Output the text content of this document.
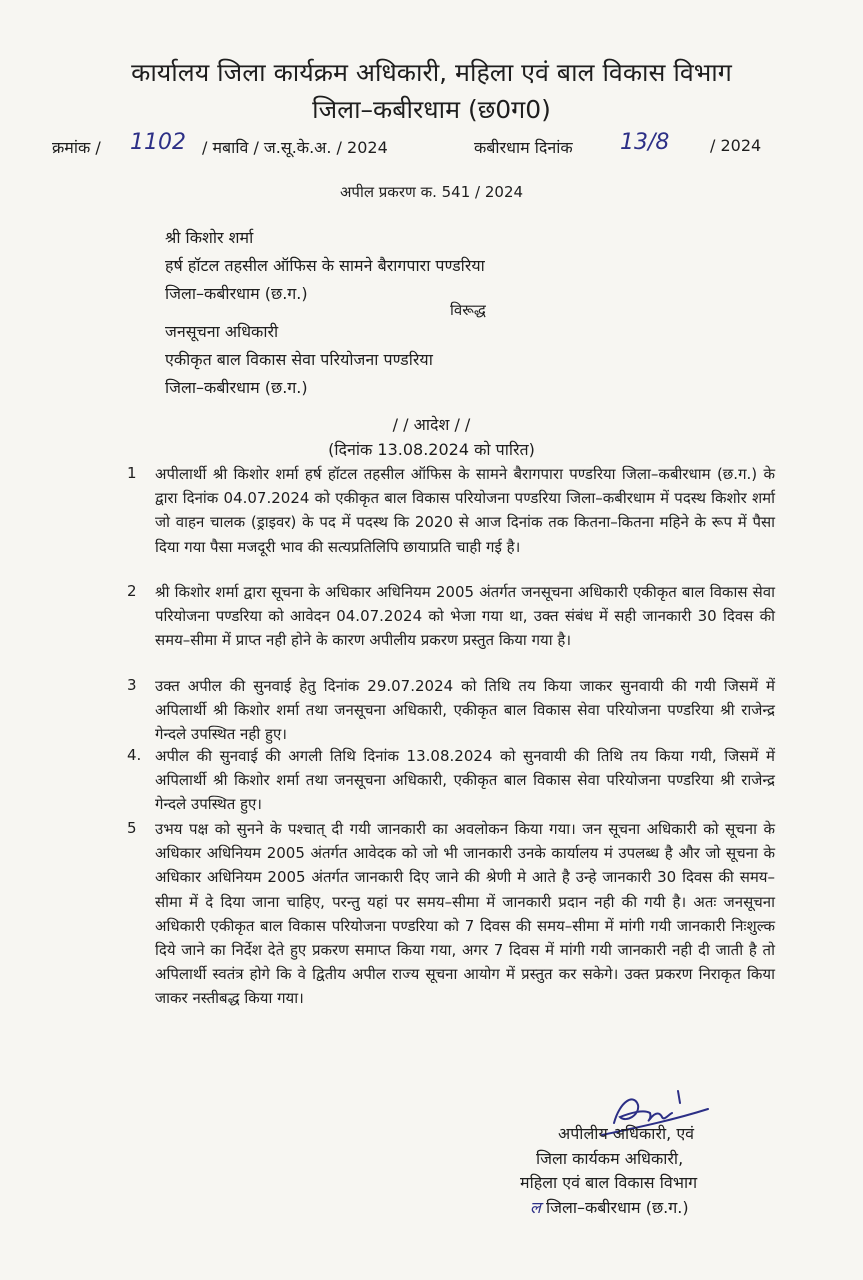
कार्यालय जिला कार्यक्रम अधिकारी, महिला एवं बाल विकास विभाग
जिला–कबीरधाम (छ0ग0)
क्रमांक / 1102 / मबावि / ज.सू.के.अ. / 2024	कबीरधाम दिनांक 13/8	/ 2024
अपील प्रकरण क. 541 / 2024
श्री किशोर शर्मा
हर्ष हॉटल तहसील ऑफिस के सामने बैरागपारा पण्डरिया
जिला–कबीरधाम (छ.ग.)
विरूद्ध
जनसूचना अधिकारी
एकीकृत बाल विकास सेवा परियोजना पण्डरिया
जिला–कबीरधाम (छ.ग.)
/ / आदेश / /
(दिनांक 13.08.2024 को पारित)
1 अपीलार्थी श्री किशोर शर्मा हर्ष हॉटल तहसील ऑफिस के सामने बैरागपारा पण्डरिया जिला–कबीरधाम (छ.ग.) के द्वारा दिनांक 04.07.2024 को एकीकृत बाल विकास परियोजना पण्डरिया जिला–कबीरधाम में पदस्थ किशोर शर्मा जो वाहन चालक (ड्राइवर) के पद में पदस्थ कि 2020 से आज दिनांक तक कितना–कितना महिने के रूप में पैसा दिया गया पैसा मजदूरी भाव की सत्यप्रतिलिपि छायाप्रति चाही गई है।
2 श्री किशोर शर्मा द्वारा सूचना के अधिकार अधिनियम 2005 अंतर्गत जनसूचना अधिकारी एकीकृत बाल विकास सेवा परियोजना पण्डरिया को आवेदन 04.07.2024 को भेजा गया था, उक्त संबंध में सही जानकारी 30 दिवस की समय–सीमा में प्राप्त नही होने के कारण अपीलीय प्रकरण प्रस्तुत किया गया है।
3 उक्त अपील की सुनवाई हेतु दिनांक 29.07.2024 को तिथि तय किया जाकर सुनवायी की गयी जिसमें में अपिलार्थी श्री किशोर शर्मा तथा जनसूचना अधिकारी, एकीकृत बाल विकास सेवा परियोजना पण्डरिया श्री राजेन्द्र गेन्दले उपस्थित नही हुए।
4. अपील की सुनवाई की अगली तिथि दिनांक 13.08.2024 को सुनवायी की तिथि तय किया गयी, जिसमें में अपिलार्थी श्री किशोर शर्मा तथा जनसूचना अधिकारी, एकीकृत बाल विकास सेवा परियोजना पण्डरिया श्री राजेन्द्र गेन्दले उपस्थित हुए।
5 उभय पक्ष को सुनने के पश्चात् दी गयी जानकारी का अवलोकन किया गया। जन सूचना अधिकारी को सूचना के अधिकार अधिनियम 2005 अंतर्गत आवेदक को जो भी जानकारी उनके कार्यालय मं उपलब्ध है और जो सूचना के अधिकार अधिनियम 2005 अंतर्गत जानकारी दिए जाने की श्रेणी मे आते है उन्हे जानकारी 30 दिवस की समय–सीमा में दे दिया जाना चाहिए, परन्तु यहां पर समय–सीमा में जानकारी प्रदान नही की गयी है। अतः जनसूचना अधिकारी एकीकृत बाल विकास परियोजना पण्डरिया को 7 दिवस की समय–सीमा में मांगी गयी जानकारी निःशुल्क दिये जाने का निर्देश देते हुए प्रकरण समाप्त किया गया, अगर 7 दिवस में मांगी गयी जानकारी नही दी जाती है तो अपिलार्थी स्वतंत्र होगे कि वे द्वितीय अपील राज्य सूचना आयोग में प्रस्तुत कर सकेगे। उक्त प्रकरण निराकृत किया जाकर नस्तीबद्ध किया गया।
अपीलीय अधिकारी, एवं
जिला कार्यकम अधिकारी,
महिला एवं बाल विकास विभाग
ल जिला–कबीरधाम (छ.ग.)
